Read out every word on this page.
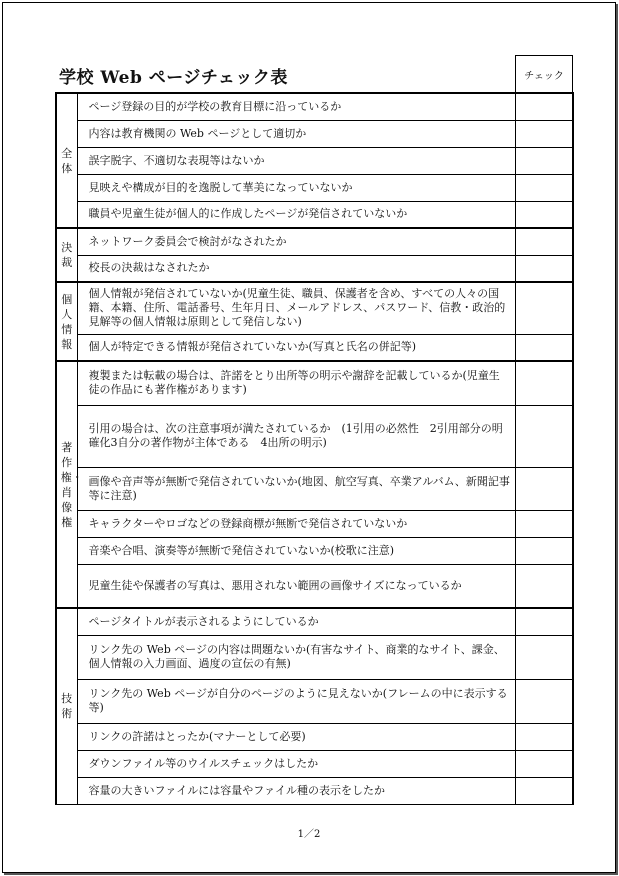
学校 Web ページチェック表	チェック
全体	ページ登録の目的が学校の教育目標に沿っているか	
	内容は教育機関の Web ページとして適切か	
	誤字脱字、不適切な表現等はないか	
	見映えや構成が目的を逸脱して華美になっていないか	
	職員や児童生徒が個人的に作成したページが発信されていないか	
決裁	ネットワーク委員会で検討がなされたか	
	校長の決裁はなされたか	
個人情報	個人情報が発信されていないか(児童生徒、職員、保護者を含め、すべての人々の国籍、本籍、住所、電話番号、生年月日、メールアドレス、パスワード、信教・政治的見解等の個人情報は原則として発信しない)	
	個人が特定できる情報が発信されていないか(写真と氏名の併記等)	
著作権・肖像権	複製または転載の場合は、許諾をとり出所等の明示や謝辞を記載しているか(児童生徒の作品にも著作権があります)	
	引用の場合は、次の注意事項が満たされているか　(1引用の必然性　2引用部分の明確化3自分の著作物が主体である　4出所の明示)	
	画像や音声等が無断で発信されていないか(地図、航空写真、卒業アルバム、新聞記事等に注意)	
	キャラクターやロゴなどの登録商標が無断で発信されていないか	
	音楽や合唱、演奏等が無断で発信されていないか(校歌に注意)	
	児童生徒や保護者の写真は、悪用されない範囲の画像サイズになっているか	
技術	ページタイトルが表示されるようにしているか	
	リンク先の Web ページの内容は問題ないか(有害なサイト、商業的なサイト、課金、個人情報の入力画面、過度の宣伝の有無)	
	リンク先の Web ページが自分のページのように見えないか(フレームの中に表示する等)	
	リンクの許諾はとったか(マナーとして必要)	
	ダウンファイル等のウイルスチェックはしたか	
	容量の大きいファイルには容量やファイル種の表示をしたか	
1／2
